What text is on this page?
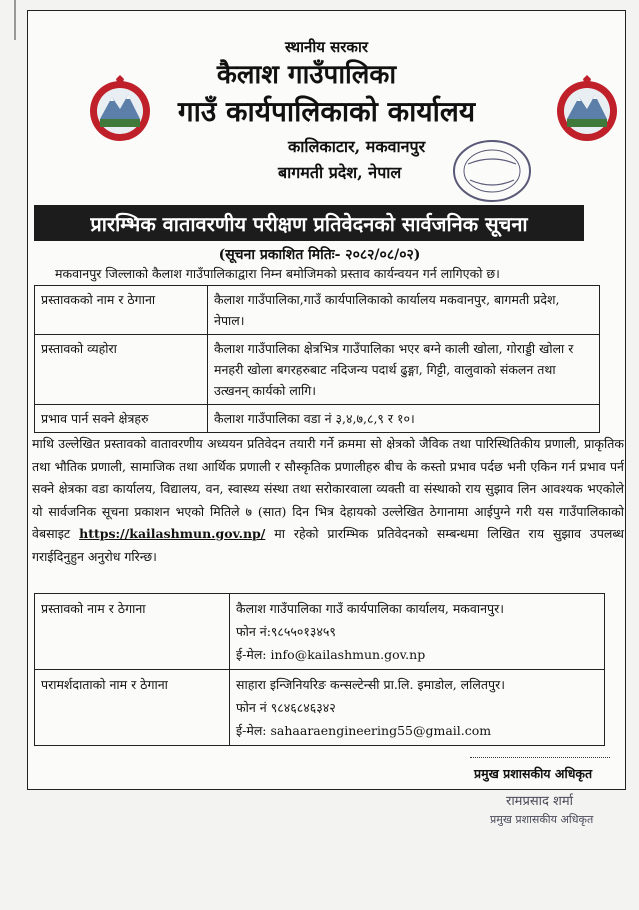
स्थानीय सरकार
कैलाश गाउँपालिका
गाउँ कार्यपालिकाको कार्यालय
कालिकाटार, मकवानपुर
बागमती प्रदेश, नेपाल
प्रारम्भिक वातावरणीय परीक्षण प्रतिवेदनको सार्वजनिक सूचना
(सूचना प्रकाशित मितिः- २०८२/०८/०२)
मकवानपुर जिल्लाको कैलाश गाउँपालिकाद्वारा निम्न बमोजिमको प्रस्ताव कार्यन्वयन गर्न लागिएको छ।
प्रस्तावकको नाम र ठेगाना	कैलाश गाउँपालिका,गाउँ कार्यपालिकाको कार्यालय मकवानपुर, बागमती प्रदेश, नेपाल।
प्रस्तावको व्यहोरा	कैलाश गाउँपालिका क्षेत्रभित्र गाउँपालिका भएर बग्ने काली खोला, गोराड्डी खोला र मनहरी खोला बगरहरुबाट नदिजन्य पदार्थ ढुङ्गा, गिट्टी, वालुवाको संकलन तथा उत्खनन् कार्यको लागि।
प्रभाव पार्न सक्ने क्षेत्रहरु	कैलाश गाउँपालिका वडा नं ३,४,७,८,९ र १०।
माथि उल्लेखित प्रस्तावको वातावरणीय अध्ययन प्रतिवेदन तयारी गर्ने क्रममा सो क्षेत्रको जैविक तथा पारिस्थितिकीय प्रणाली, प्राकृतिक तथा भौतिक प्रणाली, सामाजिक तथा आर्थिक प्रणाली र सौस्कृतिक प्रणालीहरु बीच के कस्तो प्रभाव पर्दछ भनी एकिन गर्न प्रभाव पर्न सक्ने क्षेत्रका वडा कार्यालय, विद्यालय, वन, स्वास्थ्य संस्था तथा सरोकारवाला व्यक्ती वा संस्थाको राय सुझाव लिन आवश्यक भएकोले यो सार्वजनिक सूचना प्रकाशन भएको मितिले ७ (सात) दिन भित्र देहायको उल्लेखित ठेगानामा आईपुग्ने गरी यस गाउँपालिकाको वेबसाइट https://kailashmun.gov.np/ मा रहेको प्रारम्भिक प्रतिवेदनको सम्बन्धमा लिखित राय सुझाव उपलब्ध गराईदिनुहुन अनुरोध गरिन्छ।
प्रस्तावको नाम र ठेगाना	कैलाश गाउँपालिका गाउँ कार्यपालिका कार्यालय, मकवानपुर।
फोन नं:९८५५०१३४५९
ई-मेल: info@kailashmun.gov.np

परामर्शदाताको नाम र ठेगाना	साहारा इन्जिनियरिङ कन्सल्टेन्सी प्रा.लि. इमाडोल, ललितपुर।
फोन नं ९८४६८४६३४२
ई-मेल: sahaaraengineering55@gmail.com
प्रमुख प्रशासकीय अधिकृत
रामप्रसाद शर्मा
प्रमुख प्रशासकीय अधिकृत
